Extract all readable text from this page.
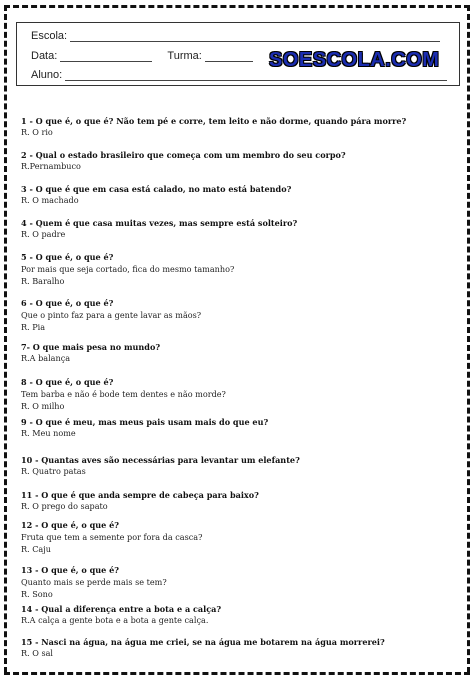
Escola:
Data:	Turma:
Aluno:
SOESCOLA.COM
1 - O que é, o que é? Não tem pé e corre, tem leito e não dorme, quando pára morre?
R. O rio
2 - Qual o estado brasileiro que começa com um membro do seu corpo?
R.Pernambuco
3 - O que é que em casa está calado, no mato está batendo?
R. O machado
4 - Quem é que casa muitas vezes, mas sempre está solteiro?
R. O padre
5 - O que é, o que é?
Por mais que seja cortado, fica do mesmo tamanho?
R. Baralho
6 - O que é, o que é?
Que o pinto faz para a gente lavar as mãos?
R. Pia
7- O que mais pesa no mundo?
R.A balança
8 - O que é, o que é?
Tem barba e não é bode tem dentes e não morde?
R. O milho
9 - O que é meu, mas meus pais usam mais do que eu?
R. Meu nome
10 - Quantas aves são necessárias para levantar um elefante?
R. Quatro patas
11 - O que é que anda sempre de cabeça para baixo?
R. O prego do sapato
12 - O que é, o que é?
Fruta que tem a semente por fora da casca?
R. Caju
13 - O que é, o que é?
Quanto mais se perde mais se tem?
R. Sono
14 - Qual a diferença entre a bota e a calça?
R.A calça a gente bota e a bota a gente calça.
15 - Nasci na água, na água me criei, se na água me botarem na água morrerei?
R. O sal
